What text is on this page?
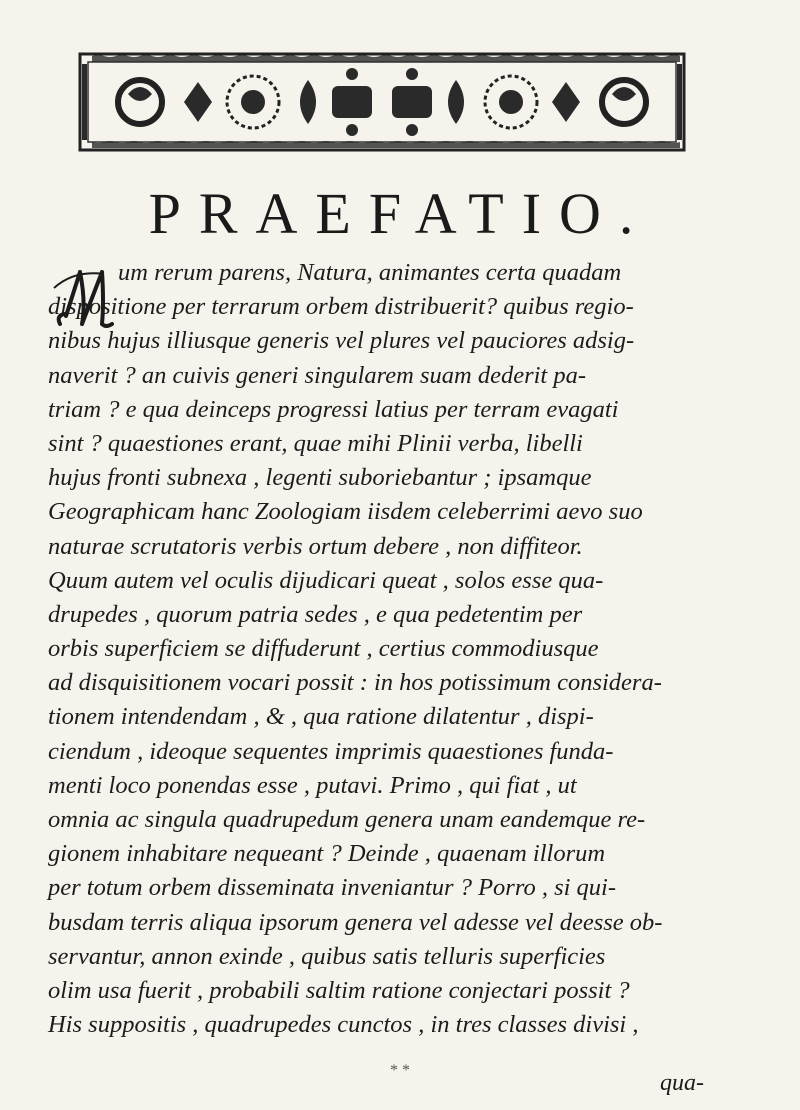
PRAEFATIO.
um rerum parens, Natura, animantes certa quadam
dispositione per terrarum orbem distribuerit? quibus regio-
nibus hujus illiusque generis vel plures vel pauciores adsig-
naverit ? an cuivis generi singularem suam dederit pa-
triam ? e qua deinceps progressi latius per terram evagati
sint ? quaestiones erant, quae mihi Plinii verba, libelli
hujus fronti subnexa , legenti suboriebantur ; ipsamque
Geographicam hanc Zoologiam iisdem celeberrimi aevo suo
naturae scrutatoris verbis ortum debere , non diffiteor.
Quum autem vel oculis dijudicari queat , solos esse qua-
drupedes , quorum patria sedes , e qua pedetentim per
orbis superficiem se diffuderunt , certius commodiusque
ad disquisitionem vocari possit : in hos potissimum considera-
tionem intendendam , & , qua ratione dilatentur , dispi-
ciendum , ideoque sequentes imprimis quaestiones funda-
menti loco ponendas esse , putavi. Primo , qui fiat , ut
omnia ac singula quadrupedum genera unam eandemque re-
gionem inhabitare nequeant ? Deinde , quaenam illorum
per totum orbem disseminata inveniantur ? Porro , si qui-
busdam terris aliqua ipsorum genera vel adesse vel deesse ob-
servantur, annon exinde , quibus satis telluris superficies
olim usa fuerit , probabili saltim ratione conjectari possit ?
His suppositis , quadrupedes cunctos , in tres classes divisi ,
* *	qua-
